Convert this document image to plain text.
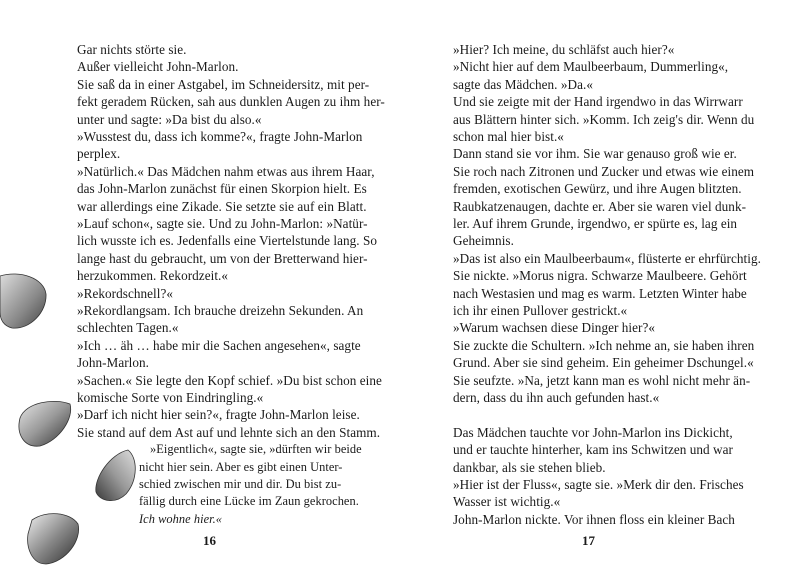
Gar nichts störte sie.
Außer vielleicht John-Marlon.
Sie saß da in einer Astgabel, im Schneidersitz, mit per-
fekt geradem Rücken, sah aus dunklen Augen zu ihm her-
unter und sagte: »Da bist du also.«
»Wusstest du, dass ich komme?«, fragte John-Marlon
perplex.
»Natürlich.« Das Mädchen nahm etwas aus ihrem Haar,
das John-Marlon zunächst für einen Skorpion hielt. Es
war allerdings eine Zikade. Sie setzte sie auf ein Blatt.
»Lauf schon«, sagte sie. Und zu John-Marlon: »Natür-
lich wusste ich es. Jedenfalls eine Viertelstunde lang. So
lange hast du gebraucht, um von der Bretterwand hier-
herzukommen. Rekordzeit.«
»Rekordschnell?«
»Rekordlangsam. Ich brauche dreizehn Sekunden. An
schlechten Tagen.«
»Ich … äh … habe mir die Sachen angesehen«, sagte
John-Marlon.
»Sachen.« Sie legte den Kopf schief. »Du bist schon eine
komische Sorte von Eindringling.«
»Darf ich nicht hier sein?«, fragte John-Marlon leise.
Sie stand auf dem Ast auf und lehnte sich an den Stamm.
»Eigentlich«, sagte sie, »dürften wir beide
nicht hier sein. Aber es gibt einen Unter-
schied zwischen mir und dir. Du bist zu-
fällig durch eine Lücke im Zaun gekrochen.
Ich wohne hier.«
16
»Hier? Ich meine, du schläfst auch hier?«
»Nicht hier auf dem Maulbeerbaum, Dummerling«,
sagte das Mädchen. »Da.«
Und sie zeigte mit der Hand irgendwo in das Wirrwarr
aus Blättern hinter sich. »Komm. Ich zeig's dir. Wenn du
schon mal hier bist.«
Dann stand sie vor ihm. Sie war genauso groß wie er.
Sie roch nach Zitronen und Zucker und etwas wie einem
fremden, exotischen Gewürz, und ihre Augen blitzten.
Raubkatzenaugen, dachte er. Aber sie waren viel dunk-
ler. Auf ihrem Grunde, irgendwo, er spürte es, lag ein
Geheimnis.
»Das ist also ein Maulbeerbaum«, flüsterte er ehrfürchtig.
Sie nickte. »Morus nigra. Schwarze Maulbeere. Gehört
nach Westasien und mag es warm. Letzten Winter habe
ich ihr einen Pullover gestrickt.«
»Warum wachsen diese Dinger hier?«
Sie zuckte die Schultern. »Ich nehme an, sie haben ihren
Grund. Aber sie sind geheim. Ein geheimer Dschungel.«
Sie seufzte. »Na, jetzt kann man es wohl nicht mehr än-
dern, dass du ihn auch gefunden hast.«
Das Mädchen tauchte vor John-Marlon ins Dickicht,
und er tauchte hinterher, kam ins Schwitzen und war
dankbar, als sie stehen blieb.
»Hier ist der Fluss«, sagte sie. »Merk dir den. Frisches
Wasser ist wichtig.«
John-Marlon nickte. Vor ihnen floss ein kleiner Bach
17
